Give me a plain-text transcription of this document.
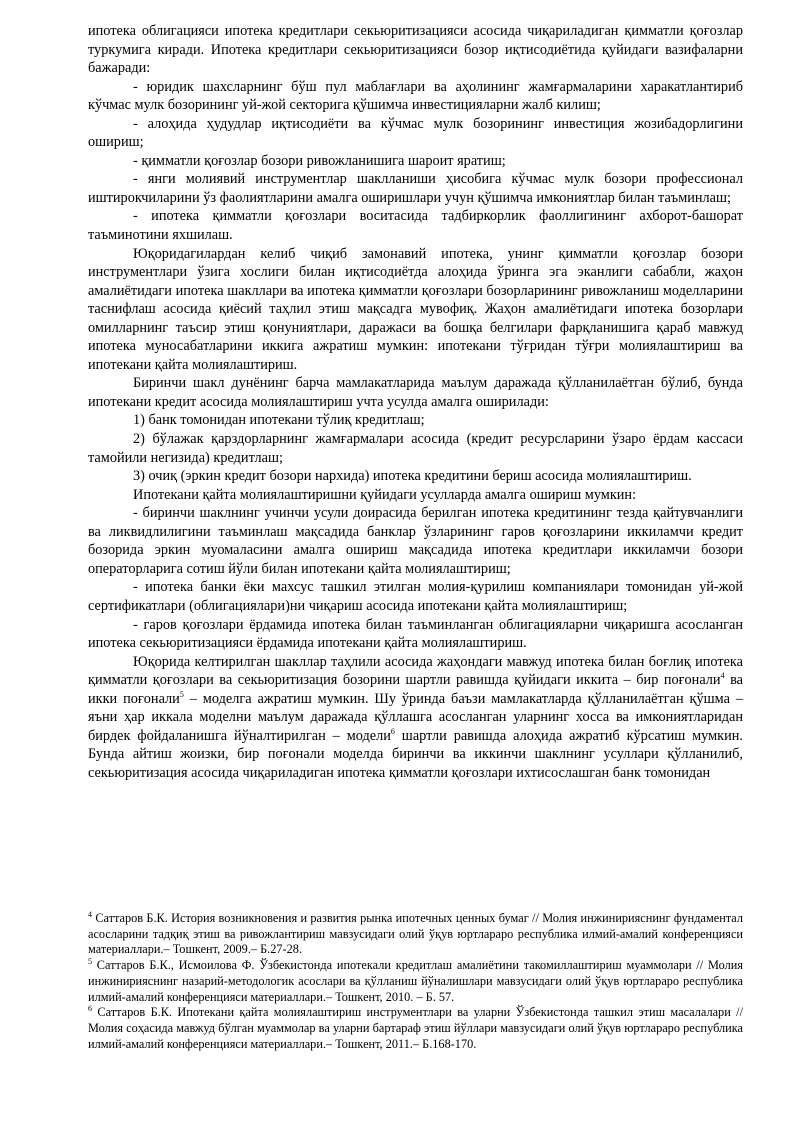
ипотека облигацияси ипотека кредитлари секьюритизацияси асосида чиқариладиган қимматли қоғозлар туркумига киради. Ипотека кредитлари секьюритизацияси бозор иқтисодиётида қуйидаги вазифаларни бажаради:

- юридик шахсларнинг бўш пул маблағлари ва аҳолининг жамғармаларини харакатлантириб кўчмас мулк бозорининг уй-жой секторига қўшимча инвестицияларни жалб килиш;

- алоҳида ҳудудлар иқтисодиёти ва кўчмас мулк бозорининг инвестиция жозибадорлигини ошириш;

- қимматли қоғозлар бозори ривожланишига шароит яратиш;

- янги молиявий инструментлар шаклланиши ҳисобига кўчмас мулк бозори профессионал иштирокчиларини ўз фаолиятларини амалга оширишлари учун қўшимча имкониятлар билан таъминлаш;

- ипотека қимматли қоғозлари воситасида тадбиркорлик фаоллигининг ахборот-башорат таъминотини яхшилаш.

Юқоридагилардан келиб чиқиб замонавий ипотека, унинг қимматли қоғозлар бозори инструментлари ўзига хослиги билан иқтисодиётда алоҳида ўринга эга эканлиги сабабли, жаҳон амалиётидаги ипотека шакллари ва ипотека қимматли қоғозлари бозорларининг ривожланиш моделларини таснифлаш асосида қиёсий таҳлил этиш мақсадга мувофиқ. Жаҳон амалиётидаги ипотека бозорлари омилларнинг таъсир этиш қонуниятлари, даражаси ва бошқа белгилари фарқланишига қараб мавжуд ипотека муносабатларини иккига ажратиш мумкин: ипотекани тўғридан тўғри молиялаштириш ва ипотекани қайта молиялаштириш.

Биринчи шакл дунёнинг барча мамлакатларида маълум даражада қўлланилаётган бўлиб, бунда ипотекани кредит асосида молиялаштириш учта усулда амалга оширилади:

1) банк томонидан ипотекани тўлиқ кредитлаш;

2) бўлажак қарздорларнинг жамғармалари асосида (кредит ресурсларини ўзаро ёрдам кассаси тамойили негизида) кредитлаш;

3) очиқ (эркин кредит бозори нархида) ипотека кредитини бериш асосида молиялаштириш.

Ипотекани қайта молиялаштиришни қуйидаги усулларда амалга ошириш мумкин:

- биринчи шаклнинг учинчи усули доирасида берилган ипотека кредитининг тезда қайтувчанлиги ва ликвидлилигини таъминлаш мақсадида банклар ўзларининг гаров қоғозларини иккиламчи кредит бозорида эркин муомаласини амалга ошириш мақсадида ипотека кредитлари иккиламчи бозори операторларига сотиш йўли билан ипотекани қайта молиялаштириш;

- ипотека банки ёки махсус ташкил этилган молия-қурилиш компаниялари томонидан уй-жой сертификатлари (облигациялари)ни чиқариш асосида ипотекани қайта молиялаштириш;

- гаров қоғозлари ёрдамида ипотека билан таъминланган облигацияларни чиқаришга асосланган ипотека секьюритизацияси ёрдамида ипотекани қайта молиялаштириш.

Юқорида келтирилган шакллар таҳлили асосида жаҳондаги мавжуд ипотека билан боғлиқ ипотека қимматли қоғозлари ва секьюритизация бозорини шартли равишда қуйидаги иккита – бир поғонали$^4$ ва икки поғонали$^5$ – моделга ажратиш мумкин. Шу ўринда баъзи мамлакатларда қўлланилаётган қўшма – яъни ҳар иккала моделни маълум даражада қўллашга асосланган уларнинг хосса ва имкониятларидан бирдек фойдаланишга йўналтирилган – модели$^6$ шартли равишда алоҳида ажратиб кўрсатиш мумкин. Бунда айтиш жоизки, бир поғонали моделда биринчи ва иккинчи шаклнинг усуллари қўлланилиб, секьюритизация асосида чиқариладиган ипотека қимматли қоғозлари ихтисослашган банк томонидан

$^4$ Саттаров Б.К. История возникновения и развития рынка ипотечных ценных бумаг // Молия инжинирияснинг фундаментал асосларини тадқиқ этиш ва ривожлантириш мавзусидаги олий ўқув юртлараро республика илмий-амалий конференцияси материаллари.– Тошкент, 2009.– Б.27-28.

$^5$ Саттаров Б.К., Исмоилова Ф. Ўзбекистонда ипотекали кредитлаш амалиётини такомиллаштириш муаммолари // Молия инжинирияснинг назарий-методологик асослари ва қўлланиш йўналишлари мавзусидаги олий ўқув юртлараро республика илмий-амалий конференцияси материаллари.– Тошкент, 2010. – Б. 57.

$^6$ Саттаров Б.К. Ипотекани қайта молиялаштириш инструментлари ва уларни Ўзбекистонда ташкил этиш масалалари // Молия соҳасида мавжуд бўлган муаммолар ва уларни бартараф этиш йўллари мавзусидаги олий ўқув юртлараро республика илмий-амалий конференцияси материаллари.– Тошкент, 2011.– Б.168-170.
